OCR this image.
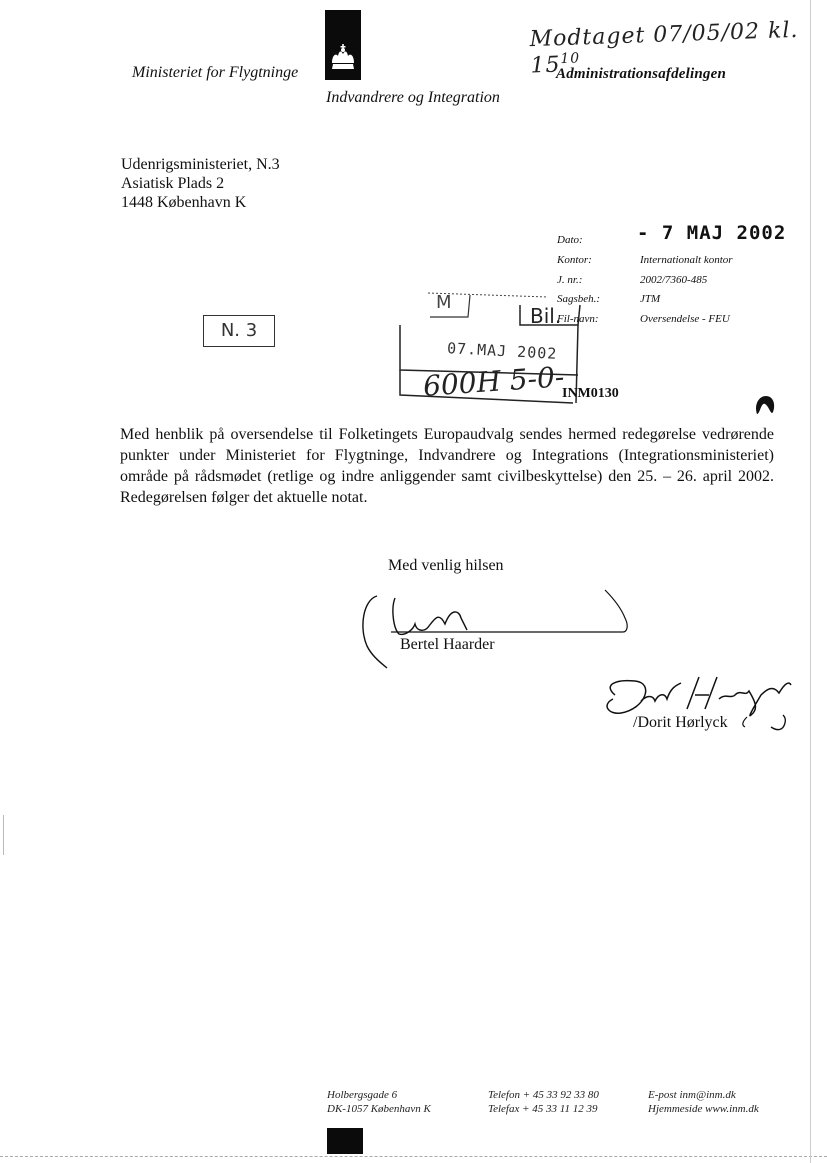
Ministeriet for Flygtninge
Indvandrere og Integration
Administrationsafdelingen
Modtaget 07/05/02 kl. $15^{10}$
Udenrigsministeriet, N.3
Asiatisk Plads 2
1448 København K
Dato:	- 7 MAJ 2002
Kontor:	Internationalt kontor
J. nr.:	2002/7360-485
Sagsbeh.:	JTM
Fil-navn:	Oversendelse - FEU
N. 3
M
Bil.
07.MAJ 2002
600H 5-0-
INM0130
Med henblik på oversendelse til Folketingets Europaudvalg sendes hermed redegørelse vedrørende punkter under Ministeriet for Flygtninge, Indvandrere og Integrations (Integrationsministeriet) område på rådsmødet (retlige og indre anliggender samt civilbeskyttelse) den 25. – 26. april 2002. Redegørelsen følger det aktuelle notat.
Med venlig hilsen
Bertel Haarder
/Dorit Hørlyck
Holbergsgade 6
DK-1057 København K
Telefon + 45 33 92 33 80
Telefax + 45 33 11 12 39
E-post inm@inm.dk
Hjemmeside www.inm.dk
